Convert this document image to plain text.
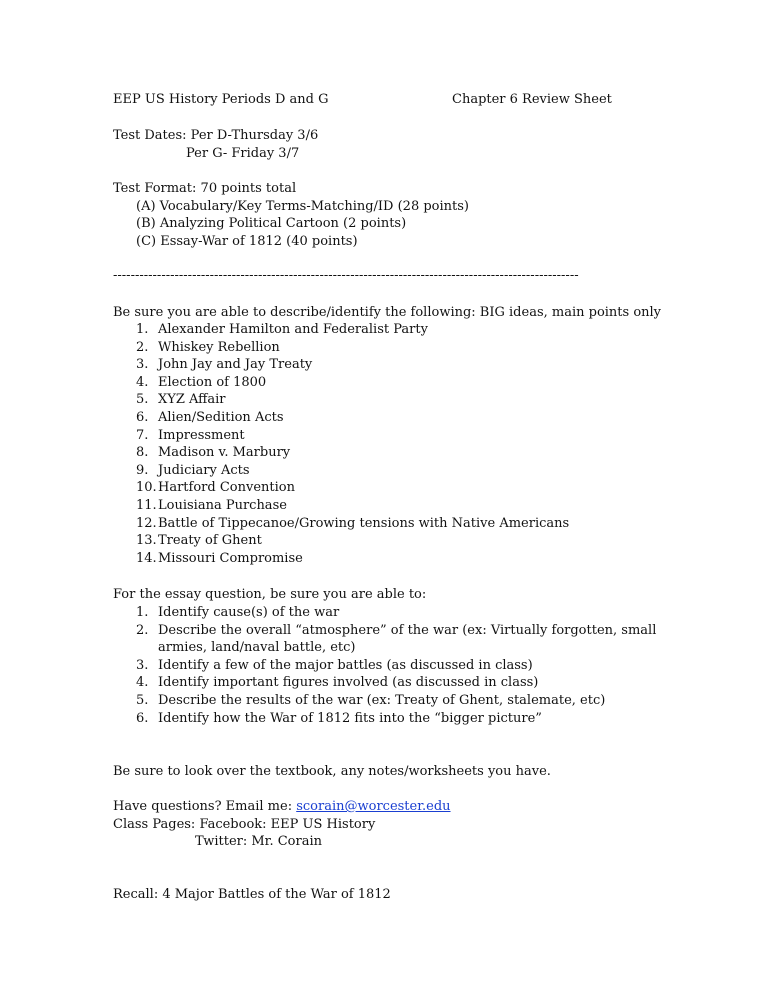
EEP US History Periods D and G	Chapter 6 Review Sheet
Test Dates: Per D-Thursday 3/6
Per G- Friday 3/7
Test Format: 70 points total
(A) Vocabulary/Key Terms-Matching/ID (28 points)
(B) Analyzing Political Cartoon (2 points)
(C) Essay-War of 1812 (40 points)
----------------------------------------------------------------------------------------------------------
Be sure you are able to describe/identify the following: BIG ideas, main points only
1. Alexander Hamilton and Federalist Party
2. Whiskey Rebellion
3. John Jay and Jay Treaty
4. Election of 1800
5. XYZ Affair
6. Alien/Sedition Acts
7. Impressment
8. Madison v. Marbury
9. Judiciary Acts
10. Hartford Convention
11. Louisiana Purchase
12. Battle of Tippecanoe/Growing tensions with Native Americans
13. Treaty of Ghent
14. Missouri Compromise
For the essay question, be sure you are able to:
1. Identify cause(s) of the war
2. Describe the overall “atmosphere” of the war (ex: Virtually forgotten, small armies, land/naval battle, etc)
3. Identify a few of the major battles (as discussed in class)
4. Identify important figures involved (as discussed in class)
5. Describe the results of the war (ex: Treaty of Ghent, stalemate, etc)
6. Identify how the War of 1812 fits into the “bigger picture”
Be sure to look over the textbook, any notes/worksheets you have.
Have questions? Email me: scorain@worcester.edu
Class Pages: Facebook: EEP US History
Twitter: Mr. Corain
Recall: 4 Major Battles of the War of 1812
